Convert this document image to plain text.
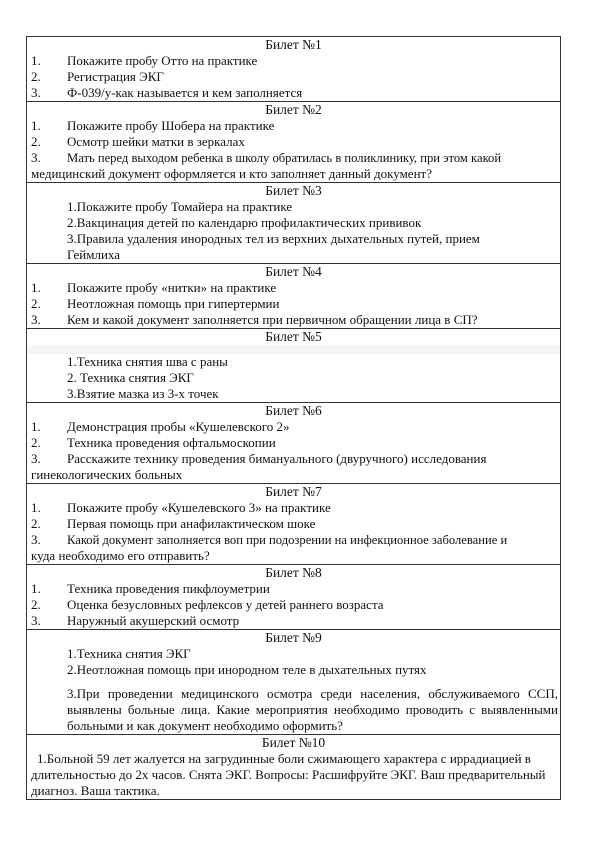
Билет №1
1.	Покажите пробу Отто на практике
2.	Регистрация ЭКГ
3.	Ф-039/у-как называется и кем заполняется
Билет №2
1.	Покажите пробу Шобера на практике
2.	Осмотр шейки матки в зеркалах
3.	Мать перед выходом ребенка в школу обратилась в поликлинику, при этом какой
медицинский документ оформляется и кто заполняет данный документ?
Билет №3
1.Покажите пробу Томайера на практике
2.Вакцинация детей по календарю профилактических прививок
3.Правила удаления инородных тел из верхних дыхательных путей, прием
Геймлиха
Билет №4
1.	Покажите пробу «нитки» на практике
2.	Неотложная помощь при гипертермии
3.	Кем и какой документ заполняется при первичном обращении лица в СП?
Билет №5
1.Техника снятия шва с раны
2. Техника снятия ЭКГ
3.Взятие мазка из 3-х точек
Билет №6
1.	Демонстрация пробы «Кушелевского 2»
2.	Техника проведения офтальмоскопии
3.	Расскажите технику проведения бимануального (двуручного) исследования
гинекологических больных
Билет №7
1.	Покажите пробу «Кушелевского 3» на практике
2.	Первая помощь при анафилактическом шоке
3.	Какой документ заполняется воп при подозрении на инфекционное заболевание и
куда необходимо его отправить?
Билет №8
1.	Техника проведения пикфлоуметрии
2.	Оценка безусловных рефлексов у детей раннего возраста
3.	Наружный акушерский осмотр
Билет №9
1.Техника снятия ЭКГ
2.Неотложная помощь при инородном теле в дыхательных путях
3.При проведении медицинского осмотра среди населения, обслуживаемого ССП, выявлены больные лица. Какие мероприятия необходимо проводить с выявленными больными и как документ необходимо оформить?
Билет №10
1.Больной 59 лет жалуется на загрудинные боли сжимающего характера с иррадиацией в длительностью до 2х часов. Снята ЭКГ. Вопросы: Расшифруйте ЭКГ. Ваш предварительный диагноз. Ваша тактика.
